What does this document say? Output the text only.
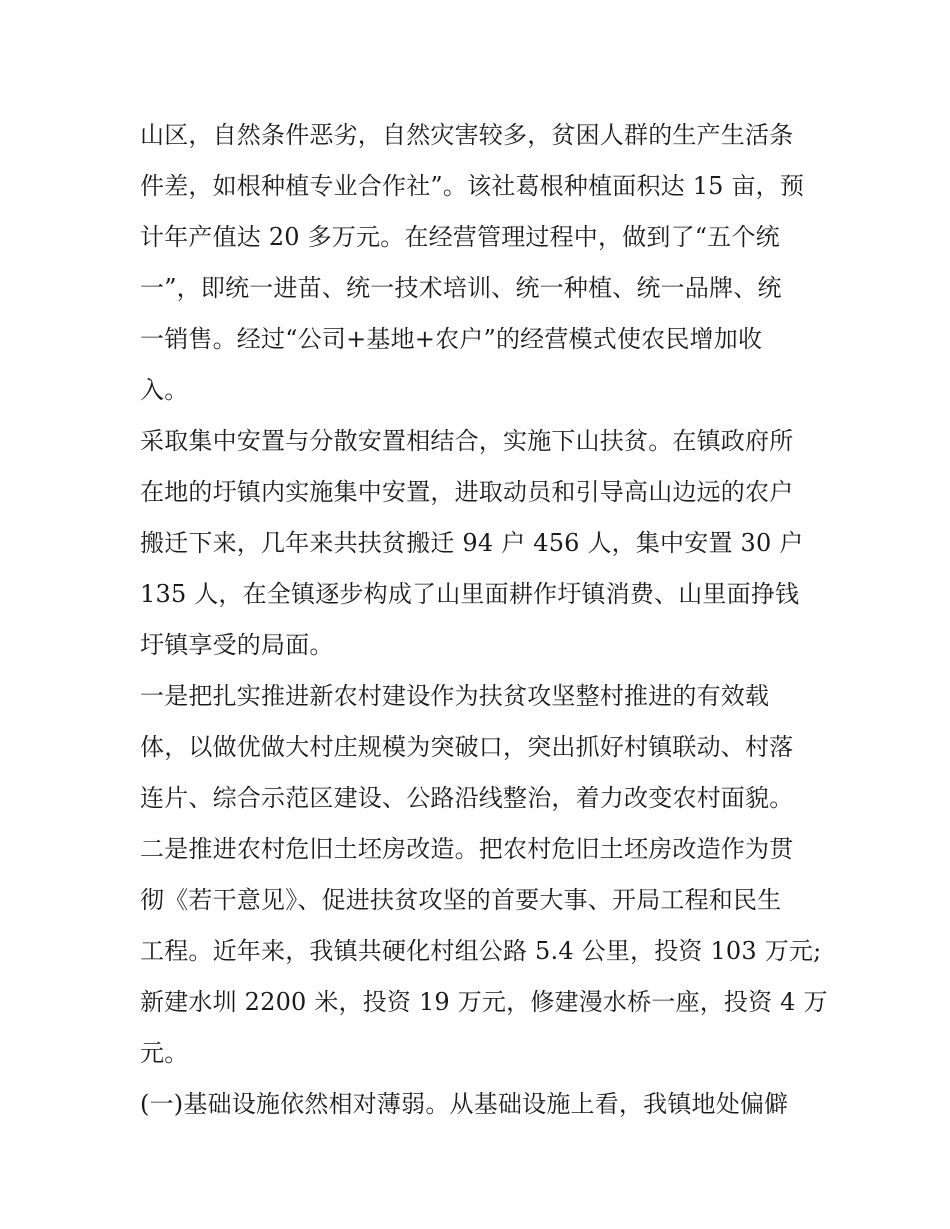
山区，自然条件恶劣，自然灾害较多，贫困人群的生产生活条
件差，如根种植专业合作社”。该社葛根种植面积达 15 亩，预
计年产值达 20 多万元。在经营管理过程中，做到了“五个统
一”，即统一进苗、统一技术培训、统一种植、统一品牌、统
一销售。经过“公司+基地+农户”的经营模式使农民增加收
入。
采取集中安置与分散安置相结合，实施下山扶贫。在镇政府所
在地的圩镇内实施集中安置，进取动员和引导高山边远的农户
搬迁下来，几年来共扶贫搬迁 94 户 456 人，集中安置 30 户
135 人，在全镇逐步构成了山里面耕作圩镇消费、山里面挣钱
圩镇享受的局面。
一是把扎实推进新农村建设作为扶贫攻坚整村推进的有效载
体，以做优做大村庄规模为突破口，突出抓好村镇联动、村落
连片、综合示范区建设、公路沿线整治，着力改变农村面貌。
二是推进农村危旧土坯房改造。把农村危旧土坯房改造作为贯
彻《若干意见》、促进扶贫攻坚的首要大事、开局工程和民生
工程。近年来，我镇共硬化村组公路 5.4 公里，投资 103 万元;
新建水圳 2200 米，投资 19 万元，修建漫水桥一座，投资 4 万
元。
(一)基础设施依然相对薄弱。从基础设施上看，我镇地处偏僻
